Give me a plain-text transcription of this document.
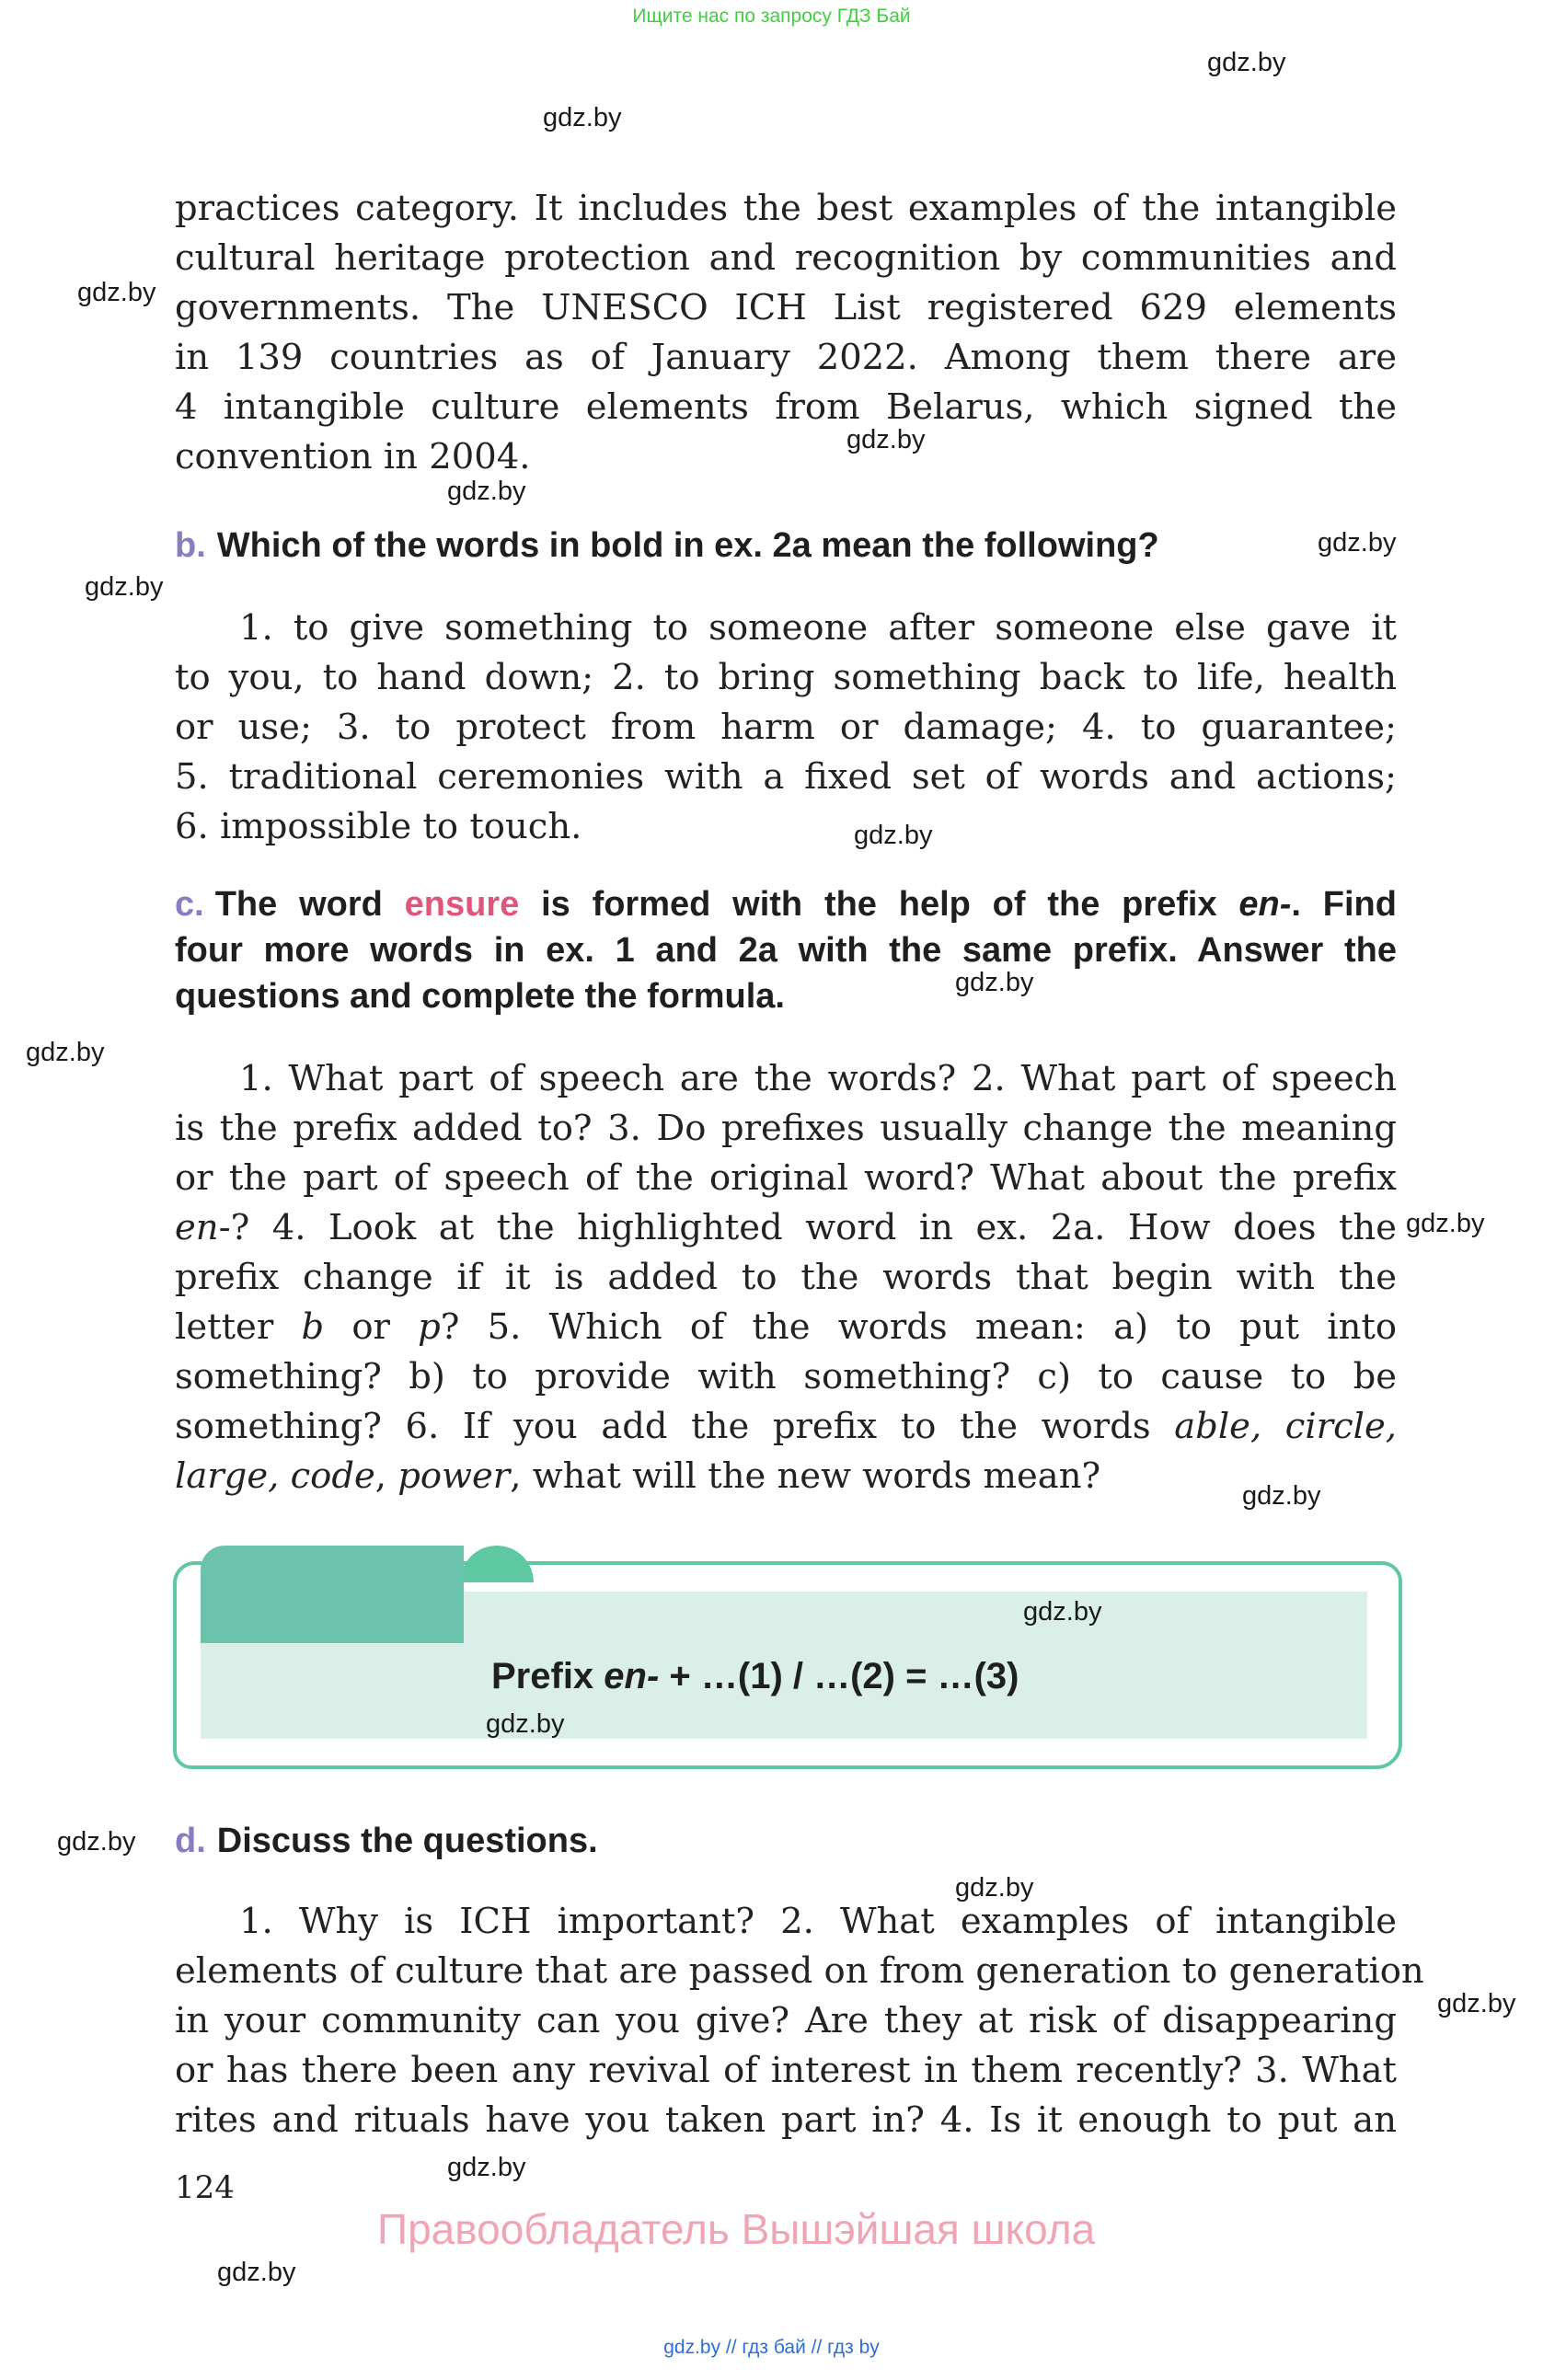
Ищите нас по запросу ГДЗ Бай
gdz.by
gdz.by
gdz.by
gdz.by
gdz.by
gdz.by
gdz.by
gdz.by
gdz.by
gdz.by
gdz.by
gdz.by
gdz.by
gdz.by
gdz.by
gdz.by
gdz.by
practices category. It includes the best examples of the intangible
cultural heritage protection and recognition by communities and
governments. The UNESCO ICH List registered 629 elements
in 139 countries as of January 2022. Among them there are
4 intangible culture elements from Belarus, which signed the
convention in 2004.
b. Which of the words in bold in ex. 2a mean the following?
1. to give something to someone after someone else gave it
to you, to hand down; 2. to bring something back to life, health
or use; 3. to protect from harm or damage; 4. to guarantee;
5. traditional ceremonies with a fixed set of words and actions;
6. impossible to touch.
c. The word ensure is formed with the help of the prefix en-. Find
four more words in ex. 1 and 2a with the same prefix. Answer the
questions and complete the formula.
1. What part of speech are the words? 2. What part of speech
is the prefix added to? 3. Do prefixes usually change the meaning
or the part of speech of the original word? What about the prefix
en-? 4. Look at the highlighted word in ex. 2a. How does the
prefix change if it is added to the words that begin with the
letter b or p? 5. Which of the words mean: a) to put into
something? b) to provide with something? c) to cause to be
something? 6. If you add the prefix to the words able, circle,
large, code, power, what will the new words mean?
Prefix en- + …(1) / …(2) = …(3)
gdz.by
gdz.by
d. Discuss the questions.
1. Why is ICH important? 2. What examples of intangible
elements of culture that are passed on from generation to generation
in your community can you give? Are they at risk of disappearing
or has there been any revival of interest in them recently? 3. What
rites and rituals have you taken part in? 4. Is it enough to put an
124
Правообладатель Вышэйшая школа
gdz.by // гдз бай // гдз by
